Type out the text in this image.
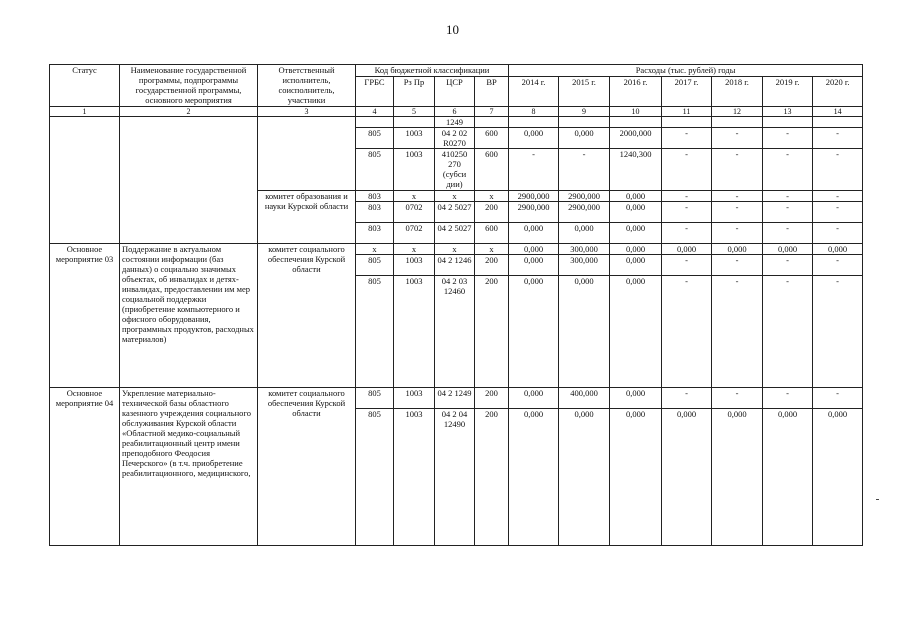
10
Статус	Наименование государственной программы, подпрограммы государственной программы, основного мероприятия	Ответственный исполнитель, соисполнитель, участники	Код бюджетной классификации				Расходы (тыс. рублей) годы						
			ГРБС	Рз Пр	ЦСР	ВР	2014 г.	2015 г.	2016 г.	2017 г.	2018 г.	2019 г.	2020 г.
1	2	3	4	5	6	7	8	9	10	11	12	13	14
					1249								
			805	1003	04 2 02 R0270	600	0,000	0,000	2000,000	-	-	-	-
			805	1003	410250 270 (субси дии)	600	-	-	1240,300	-	-	-	-
		комитет образования и науки Курской области	803	x	x	x	2900,000	2900,000	0,000	-	-	-	-
			803	0702	04 2 5027	200	2900,000	2900,000	0,000	-	-	-	-
			803	0702	04 2 5027	600	0,000	0,000	0,000	-	-	-	-
Основное мероприятие 03	Поддержание в актуальном состоянии информации (баз данных) о социально значимых объектах, об инвалидах и детях-инвалидах, предоставлении им мер социальной поддержки (приобретение компьютерного и офисного оборудования, программных продуктов, расходных материалов)	комитет социального обеспечения Курской области	x	x	x	x	0,000	300,000	0,000	0,000	0,000	0,000	0,000
			805	1003	04 2 1246	200	0,000	300,000	0,000	-	-	-	-
			805	1003	04 2 03 12460	200	0,000	0,000	0,000	-	-	-	-
Основное мероприятие 04	Укрепление материально-технической базы областного казенного учреждения социального обслуживания Курской области «Областной медико-социальный реабилитационный центр имени преподобного Феодосия Печерского» (в т.ч. приобретение реабилитационного, медицинского,	комитет социального обеспечения Курской области	805	1003	04 2 1249	200	0,000	400,000	0,000	-	-	-	-
			805	1003	04 2 04 12490	200	0,000	0,000	0,000	0,000	0,000	0,000	0,000
